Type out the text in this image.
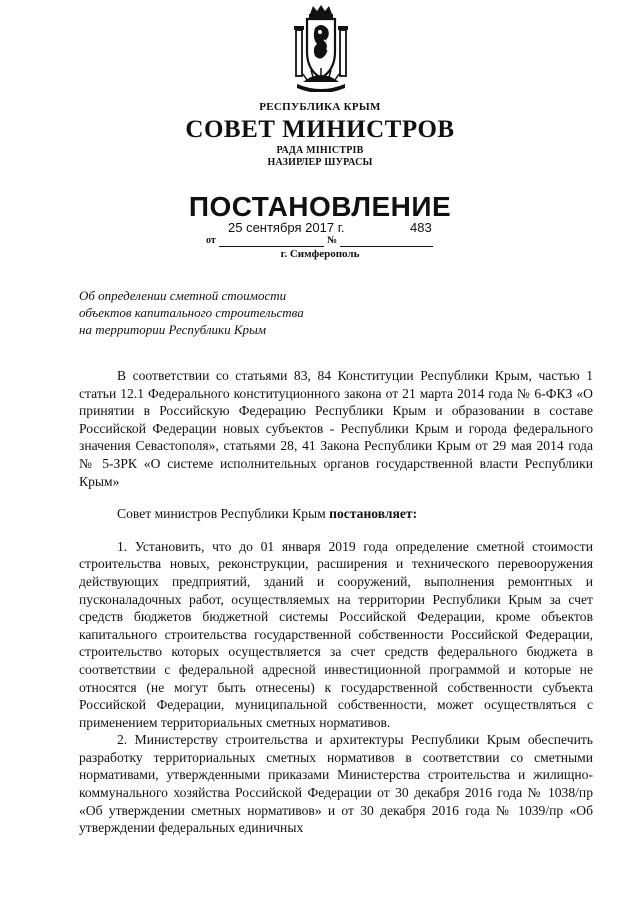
РЕСПУБЛИКА КРЫМ
СОВЕТ МИНИСТРОВ
РАДА МІНІСТРІВ
НАЗИРЛЕР ШУРАСЫ
ПОСТАНОВЛЕНИЕ
25 сентября 2017 г.	483
от	№
г. Симферополь
Об определении сметной стоимости
объектов капитального строительства
на территории Республики Крым

В соответствии со статьями 83, 84 Конституции Республики Крым, частью 1 статьи 12.1 Федерального конституционного закона от 21 марта 2014 года № 6-ФКЗ «О принятии в Российскую Федерацию Республики Крым и образовании в составе Российской Федерации новых субъектов - Республики Крым и города федерального значения Севастополя», статьями 28, 41 Закона Республики Крым от 29 мая 2014 года № 5-ЗРК «О системе исполнительных органов государственной власти Республики Крым»

Совет министров Республики Крым постановляет:

1. Установить, что до 01 января 2019 года определение сметной стоимости строительства новых, реконструкции, расширения и технического перевооружения действующих предприятий, зданий и сооружений, выполнения ремонтных и пусконаладочных работ, осуществляемых на территории Республики Крым за счет средств бюджетов бюджетной системы Российской Федерации, кроме объектов капитального строительства государственной собственности Российской Федерации, строительство которых осуществляется за счет средств федерального бюджета в соответствии с федеральной адресной инвестиционной программой и которые не относятся (не могут быть отнесены) к государственной собственности субъекта Российской Федерации, муниципальной собственности, может осуществляться с применением территориальных сметных нормативов.

2. Министерству строительства и архитектуры Республики Крым обеспечить разработку территориальных сметных нормативов в соответствии со сметными нормативами, утвержденными приказами Министерства строительства и жилищно-коммунального хозяйства Российской Федерации от 30 декабря 2016 года № 1038/пр «Об утверждении сметных нормативов» и от 30 декабря 2016 года № 1039/пр «Об утверждении федеральных единичных
